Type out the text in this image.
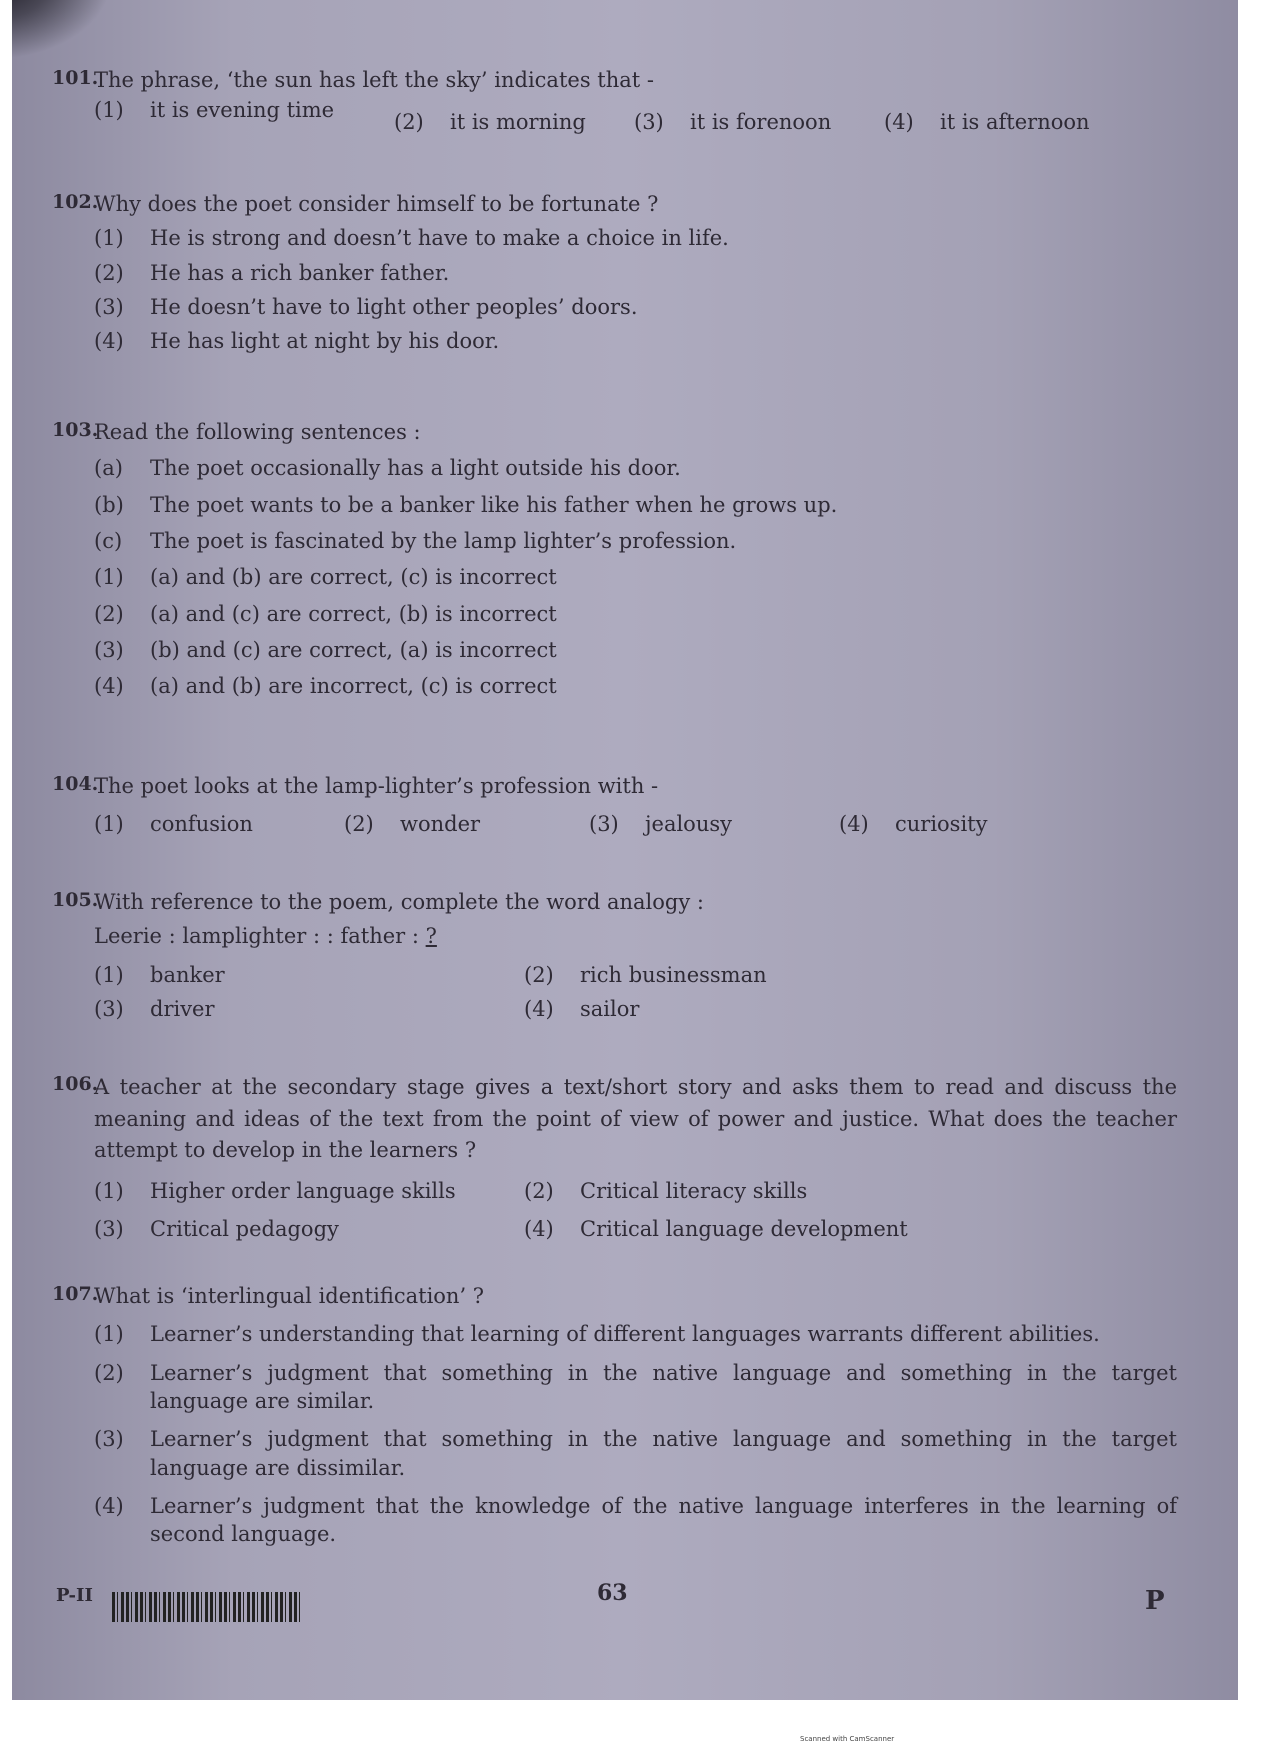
101.
The phrase, ‘the sun has left the sky’ indicates that -
(1)	it is evening time	(2)	it is morning (3)	it is forenoon	(4)	it is afternoon
102.
Why does the poet consider himself to be fortunate ?
(1) He is strong and doesn’t have to make a choice in life.
(2) He has a rich banker father.
(3) He doesn’t have to light other peoples’ doors.
(4) He has light at night by his door.
103.
Read the following sentences :
(a) The poet occasionally has a light outside his door.
(b) The poet wants to be a banker like his father when he grows up.
(c) The poet is fascinated by the lamp lighter’s profession.
(1) (a) and (b) are correct, (c) is incorrect
(2) (a) and (c) are correct, (b) is incorrect
(3) (b) and (c) are correct, (a) is incorrect
(4) (a) and (b) are incorrect, (c) is correct
104.
The poet looks at the lamp-lighter’s profession with -
(1)	confusion	(2)	wonder	(3)	jealousy	(4)	curiosity
105.
With reference to the poem, complete the word analogy :
Leerie : lamplighter : : father : ?
(1)	banker	(2)	rich businessman
(3)	driver	(4)	sailor
106.
A teacher at the secondary stage gives a text/short story and asks them to read and discuss the meaning and ideas of the text from the point of view of power and justice. What does the teacher attempt to develop in the learners ?
(1)	Higher order language skills	(2)	Critical literacy skills
(3)	Critical pedagogy	(4)	Critical language development
107.
What is ‘interlingual identification’ ?
(1) Learner’s understanding that learning of different languages warrants different abilities.
(2) Learner’s judgment that something in the native language and something in the target language are similar.
(3) Learner’s judgment that something in the native language and something in the target language are dissimilar.
(4) Learner’s judgment that the knowledge of the native language interferes in the learning of second language.
P-II	63	P
Scanned with CamScanner
